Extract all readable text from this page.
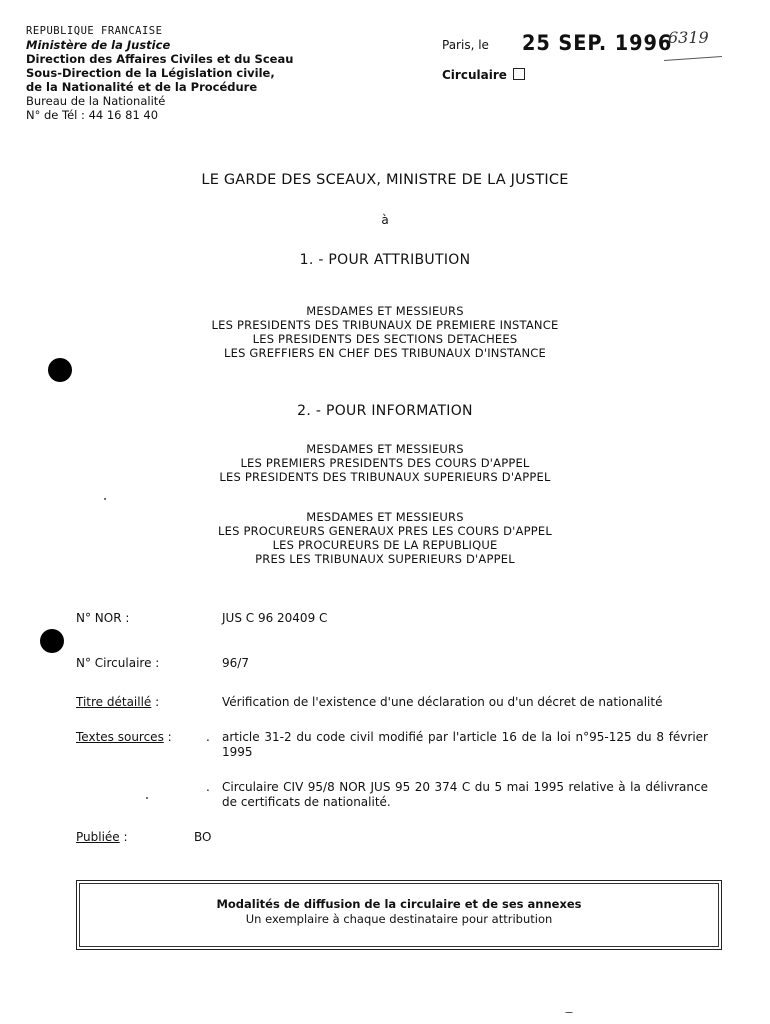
REPUBLIQUE FRANCAISE
Ministère de la Justice
Direction des Affaires Civiles et du Sceau
Sous-Direction de la Législation civile,
de la Nationalité et de la Procédure
Bureau de la Nationalité
N° de Tél : 44 16 81 40
Paris, le 25 SEP. 1996
6319
Circulaire
LE GARDE DES SCEAUX, MINISTRE DE LA JUSTICE
à
1. - POUR ATTRIBUTION
MESDAMES ET MESSIEURS
LES PRESIDENTS DES TRIBUNAUX DE PREMIERE INSTANCE
LES PRESIDENTS DES SECTIONS DETACHEES
LES GREFFIERS EN CHEF DES TRIBUNAUX D'INSTANCE
2. - POUR INFORMATION
MESDAMES ET MESSIEURS
LES PREMIERS PRESIDENTS DES COURS D'APPEL
LES PRESIDENTS DES TRIBUNAUX SUPERIEURS D'APPEL
MESDAMES ET MESSIEURS
LES PROCUREURS GENERAUX PRES LES COURS D'APPEL
LES PROCUREURS DE LA REPUBLIQUE
PRES LES TRIBUNAUX SUPERIEURS D'APPEL
N° NOR :	JUS C 96 20409 C
N° Circulaire :	96/7
Titre détaillé :	Vérification de l'existence d'une déclaration ou d'un décret de nationalité
Textes sources :	. article 31-2 du code civil modifié par l'article 16 de la loi n°95-125 du 8 février 1995
. Circulaire CIV 95/8 NOR JUS 95 20 374 C du 5 mai 1995 relative à la délivrance de certificats de nationalité.
Publiée :	BO
Modalités de diffusion de la circulaire et de ses annexes
Un exemplaire à chaque destinataire pour attribution
